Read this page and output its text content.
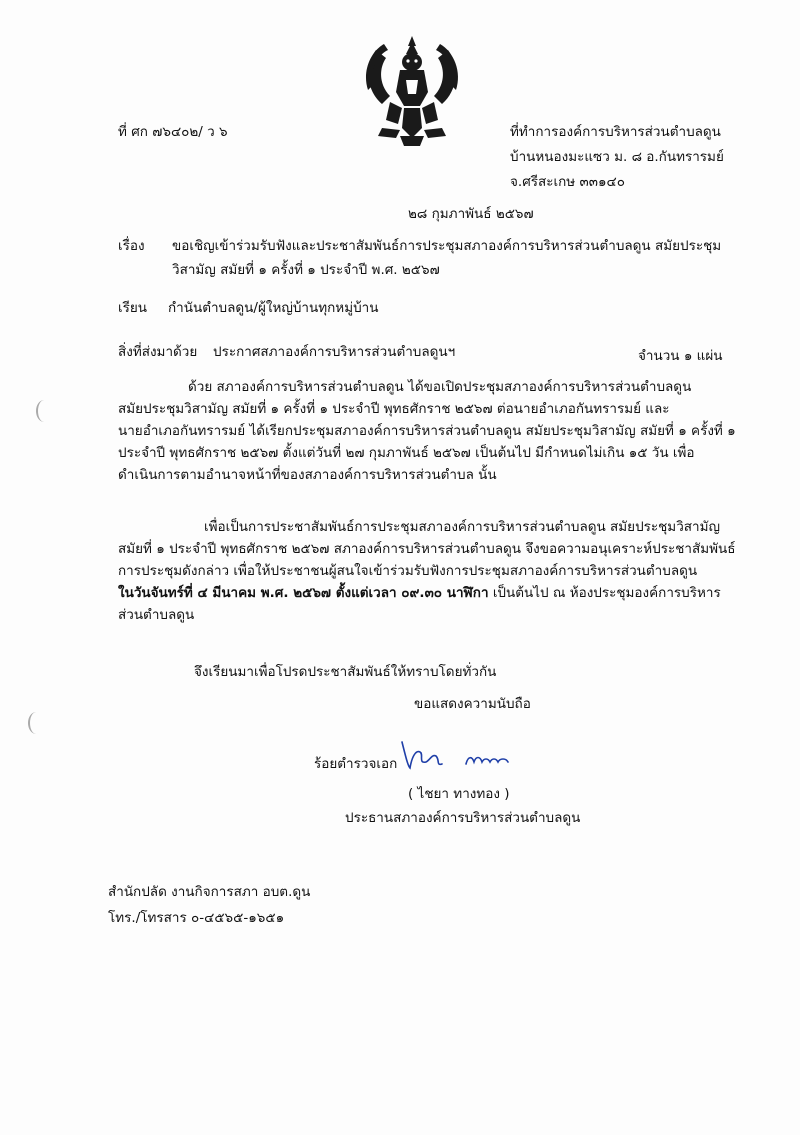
ที่ ศก ๗๖๔๐๒/ ว ๖	ที่ทำการองค์การบริหารส่วนตำบลดูน
บ้านหนองมะแซว ม. ๘ อ.กันทรารมย์
จ.ศรีสะเกษ ๓๓๑๔๐
๒๘ กุมภาพันธ์ ๒๕๖๗
เรื่อง ขอเชิญเข้าร่วมรับฟังและประชาสัมพันธ์การประชุมสภาองค์การบริหารส่วนตำบลดูน สมัยประชุม
วิสามัญ สมัยที่ ๑ ครั้งที่ ๑ ประจำปี พ.ศ. ๒๕๖๗
เรียน กำนันตำบลดูน/ผู้ใหญ่บ้านทุกหมู่บ้าน
สิ่งที่ส่งมาด้วย ประกาศสภาองค์การบริหารส่วนตำบลดูนฯ	จำนวน ๑ แผ่น
ด้วย สภาองค์การบริหารส่วนตำบลดูน ได้ขอเปิดประชุมสภาองค์การบริหารส่วนตำบลดูน
สมัยประชุมวิสามัญ สมัยที่ ๑ ครั้งที่ ๑ ประจำปี พุทธศักราช ๒๕๖๗ ต่อนายอำเภอกันทรารมย์ และ
นายอำเภอกันทรารมย์ ได้เรียกประชุมสภาองค์การบริหารส่วนตำบลดูน สมัยประชุมวิสามัญ สมัยที่ ๑ ครั้งที่ ๑
ประจำปี พุทธศักราช ๒๕๖๗ ตั้งแต่วันที่ ๒๗ กุมภาพันธ์ ๒๕๖๗ เป็นต้นไป มีกำหนดไม่เกิน ๑๕ วัน เพื่อ
ดำเนินการตามอำนาจหน้าที่ของสภาองค์การบริหารส่วนตำบล นั้น
เพื่อเป็นการประชาสัมพันธ์การประชุมสภาองค์การบริหารส่วนตำบลดูน สมัยประชุมวิสามัญ
สมัยที่ ๑ ประจำปี พุทธศักราช ๒๕๖๗ สภาองค์การบริหารส่วนตำบลดูน จึงขอความอนุเคราะห์ประชาสัมพันธ์
การประชุมดังกล่าว เพื่อให้ประชาชนผู้สนใจเข้าร่วมรับฟังการประชุมสภาองค์การบริหารส่วนตำบลดูน
ในวันจันทร์ที่ ๔ มีนาคม พ.ศ. ๒๕๖๗ ตั้งแต่เวลา ๐๙.๓๐ นาฬิกา เป็นต้นไป ณ ห้องประชุมองค์การบริหาร
ส่วนตำบลดูน
จึงเรียนมาเพื่อโปรดประชาสัมพันธ์ให้ทราบโดยทั่วกัน
ขอแสดงความนับถือ
ร้อยตำรวจเอก
( ไชยา ทางทอง )
ประธานสภาองค์การบริหารส่วนตำบลดูน
สำนักปลัด งานกิจการสภา อบต.ดูน
โทร./โทรสาร ๐-๔๕๖๕-๑๖๕๑
